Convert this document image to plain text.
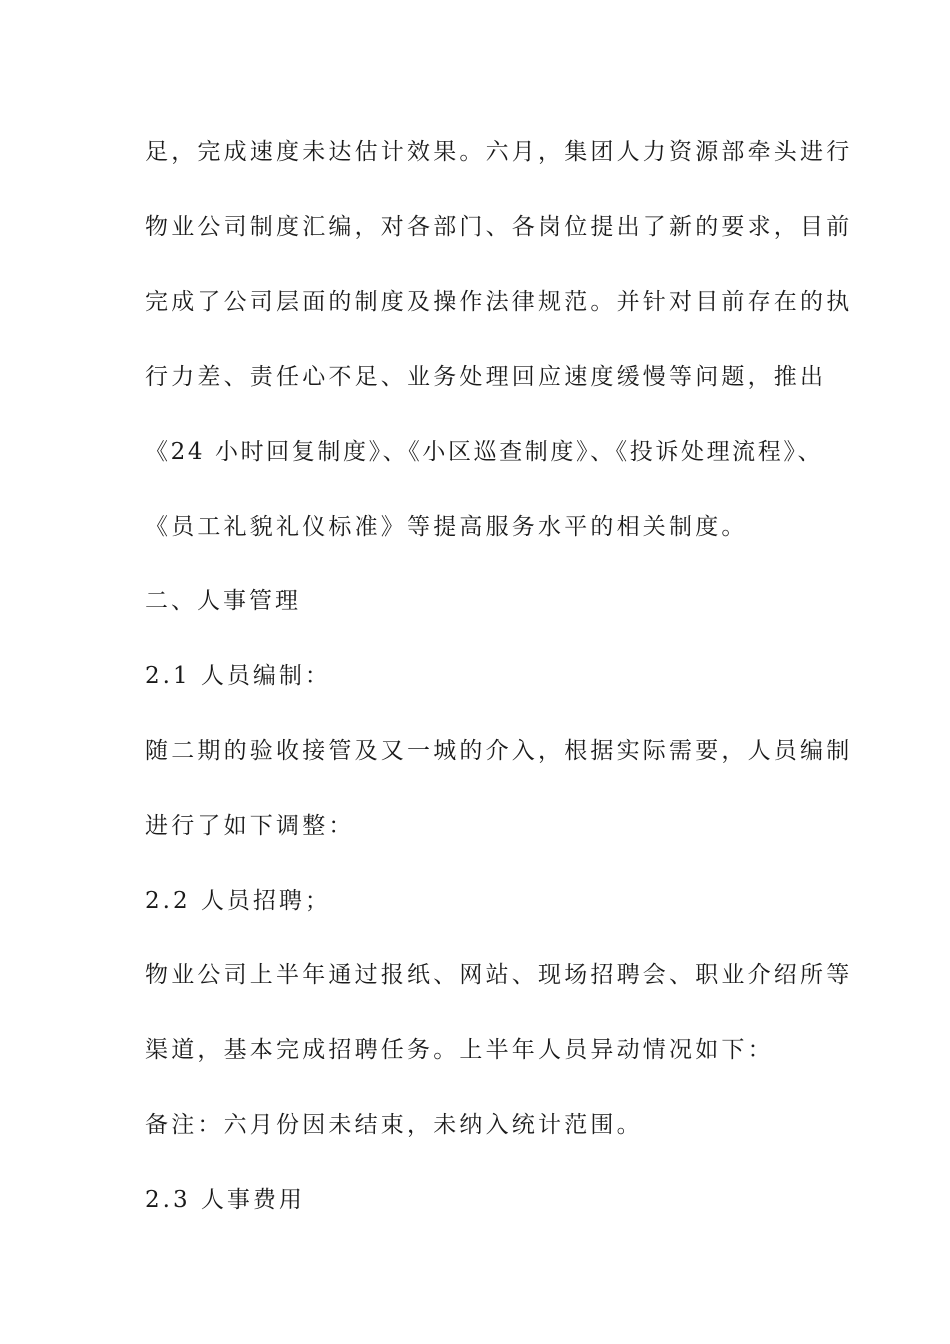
足，完成速度未达估计效果。六月，集团人力资源部牵头进行

物业公司制度汇编，对各部门、各岗位提出了新的要求，目前

完成了公司层面的制度及操作法律规范。并针对目前存在的执

行力差、责任心不足、业务处理回应速度缓慢等问题，推出

《24 小时回复制度》、《小区巡查制度》、《投诉处理流程》、

《员工礼貌礼仪标准》等提高服务水平的相关制度。

二、人事管理

2.1 人员编制：

随二期的验收接管及又一城的介入，根据实际需要，人员编制

进行了如下调整：

2.2 人员招聘；

物业公司上半年通过报纸、网站、现场招聘会、职业介绍所等

渠道，基本完成招聘任务。上半年人员异动情况如下：

备注：六月份因未结束，未纳入统计范围。

2.3 人事费用
